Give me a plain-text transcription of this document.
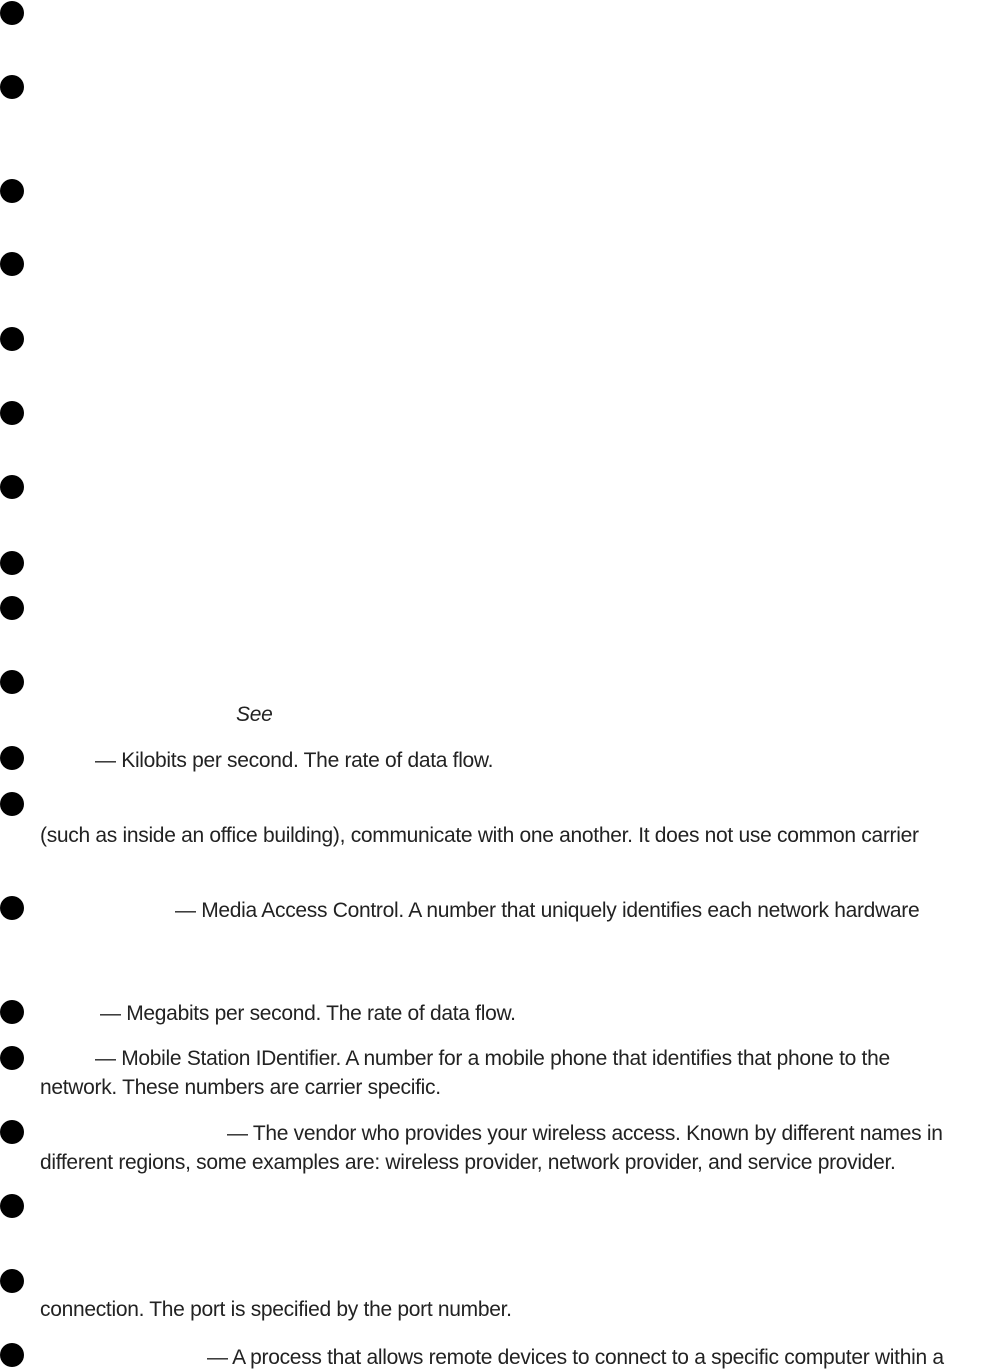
See
— Kilobits per second. The rate of data flow.
(such as inside an office building), communicate with one another. It does not use common carrier
— Media Access Control. A number that uniquely identifies each network hardware
— Megabits per second. The rate of data flow.
— Mobile Station IDentifier. A number for a mobile phone that identifies that phone to the
network. These numbers are carrier specific.
— The vendor who provides your wireless access. Known by different names in
different regions, some examples are: wireless provider, network provider, and service provider.
connection. The port is specified by the port number.
— A process that allows remote devices to connect to a specific computer within a
